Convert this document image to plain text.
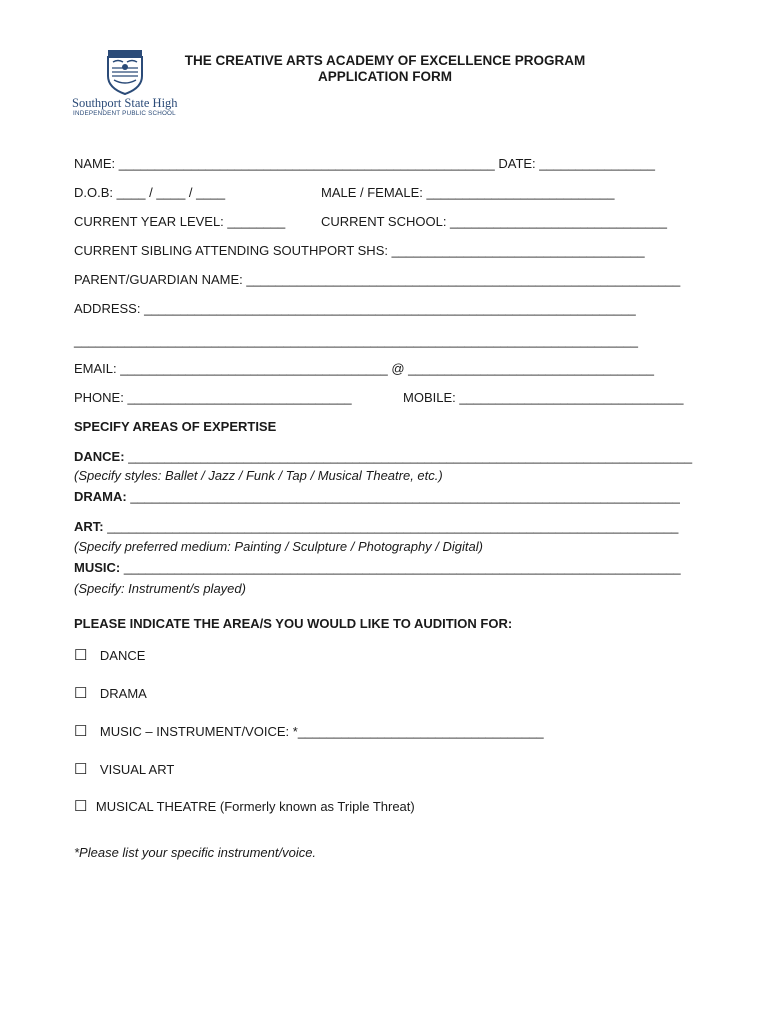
Southport State High
INDEPENDENT PUBLIC SCHOOL
THE CREATIVE ARTS ACADEMY OF EXCELLENCE PROGRAM
APPLICATION FORM
NAME: ____________________________________________________ DATE: ________________
D.O.B: ____ / ____ / ____	MALE / FEMALE: __________________________
CURRENT YEAR LEVEL: ________	CURRENT SCHOOL: ______________________________
CURRENT SIBLING ATTENDING SOUTHPORT SHS: ___________________________________
PARENT/GUARDIAN NAME: ____________________________________________________________
ADDRESS: ____________________________________________________________________
______________________________________________________________________________
EMAIL: _____________________________________ @ __________________________________
PHONE: _______________________________	MOBILE: _______________________________
SPECIFY AREAS OF EXPERTISE
DANCE: ______________________________________________________________________________
(Specify styles: Ballet / Jazz / Funk / Tap / Musical Theatre, etc.)
DRAMA: ____________________________________________________________________________
ART: _______________________________________________________________________________
(Specify preferred medium: Painting / Sculpture / Photography / Digital)
MUSIC: _____________________________________________________________________________
(Specify: Instrument/s played)
PLEASE INDICATE THE AREA/S YOU WOULD LIKE TO AUDITION FOR:
☐ DANCE
☐ DRAMA
☐ MUSIC – INSTRUMENT/VOICE: *__________________________________
☐ VISUAL ART
☐ MUSICAL THEATRE (Formerly known as Triple Threat)
*Please list your specific instrument/voice.
